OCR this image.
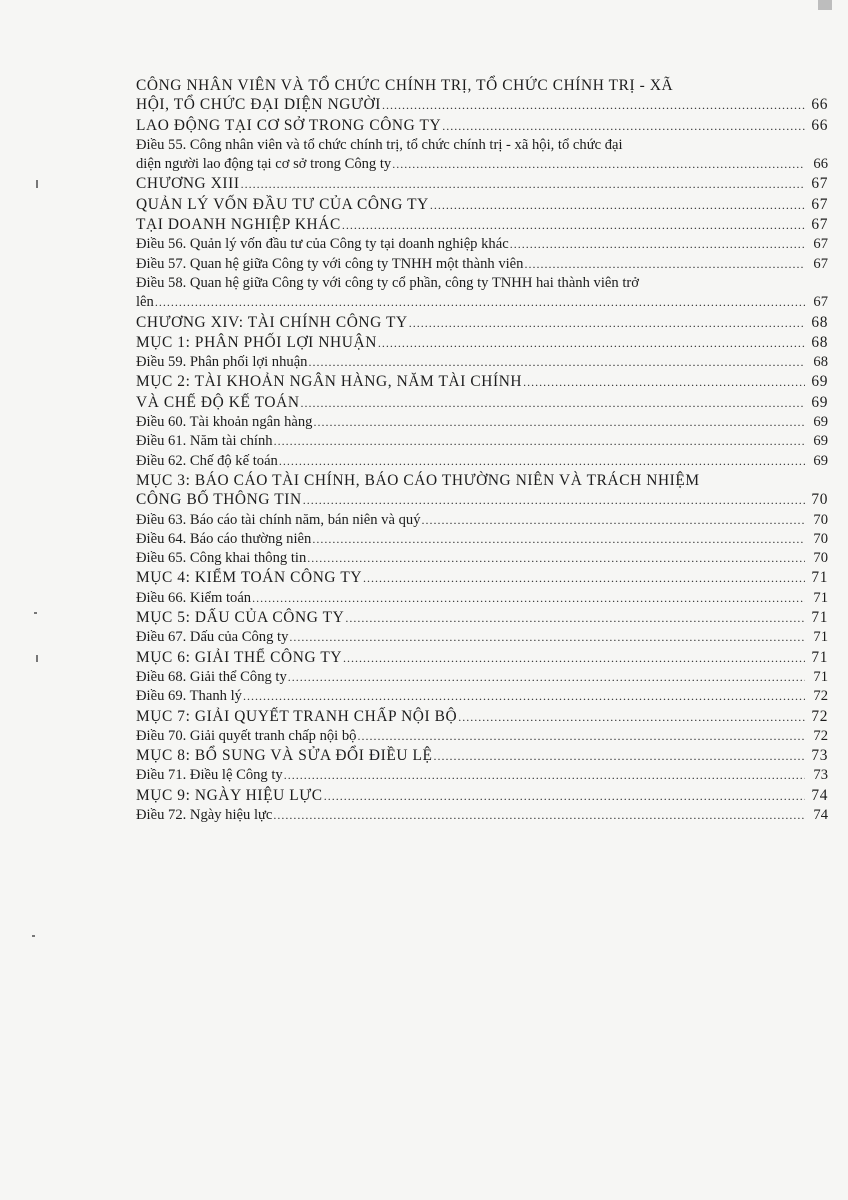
CÔNG NHÂN VIÊN VÀ TỔ CHỨC CHÍNH TRỊ, TỔ CHỨC CHÍNH TRỊ - XÃ
HỘI, TỔ CHỨC ĐẠI DIỆN NGƯỜI .....	66
LAO ĐỘNG TẠI CƠ SỞ TRONG CÔNG TY .....	66
Điều 55. Công nhân viên và tổ chức chính trị, tổ chức chính trị - xã hội, tổ chức đại
diện người lao động tại cơ sở trong Công ty .....	66
CHƯƠNG XIII .....	67
QUẢN LÝ VỐN ĐẦU TƯ CỦA CÔNG TY .....	67
TẠI DOANH NGHIỆP KHÁC .....	67
Điều 56. Quản lý vốn đầu tư của Công ty tại doanh nghiệp khác .....	67
Điều 57. Quan hệ giữa Công ty với công ty TNHH một thành viên .....	67
Điều 58. Quan hệ giữa Công ty với công ty cổ phần, công ty TNHH hai thành viên trở
lên .....	67
CHƯƠNG XIV: TÀI CHÍNH CÔNG TY .....	68
MỤC 1: PHÂN PHỐI LỢI NHUẬN .....	68
Điều 59. Phân phối lợi nhuận .....	68
MỤC 2: TÀI KHOẢN NGÂN HÀNG, NĂM TÀI CHÍNH .....	69
VÀ CHẾ ĐỘ KẾ TOÁN .....	69
Điều 60. Tài khoản ngân hàng .....	69
Điều 61. Năm tài chính .....	69
Điều 62. Chế độ kế toán .....	69
MỤC 3: BÁO CÁO TÀI CHÍNH, BÁO CÁO THƯỜNG NIÊN VÀ TRÁCH NHIỆM
CÔNG BỐ THÔNG TIN .....	70
Điều 63. Báo cáo tài chính năm, bán niên và quý .....	70
Điều 64. Báo cáo thường niên .....	70
Điều 65. Công khai thông tin .....	70
MỤC 4: KIỂM TOÁN CÔNG TY .....	71
Điều 66. Kiểm toán .....	71
MỤC 5: DẤU CỦA CÔNG TY .....	71
Điều 67. Dấu của Công ty .....	71
MỤC 6: GIẢI THỂ CÔNG TY .....	71
Điều 68. Giải thể Công ty .....	71
Điều 69. Thanh lý .....	72
MỤC 7: GIẢI QUYẾT TRANH CHẤP NỘI BỘ .....	72
Điều 70. Giải quyết tranh chấp nội bộ .....	72
MỤC 8: BỔ SUNG VÀ SỬA ĐỔI ĐIỀU LỆ .....	73
Điều 71. Điều lệ Công ty .....	73
MỤC 9: NGÀY HIỆU LỰC .....	74
Điều 72. Ngày hiệu lực .....	74
